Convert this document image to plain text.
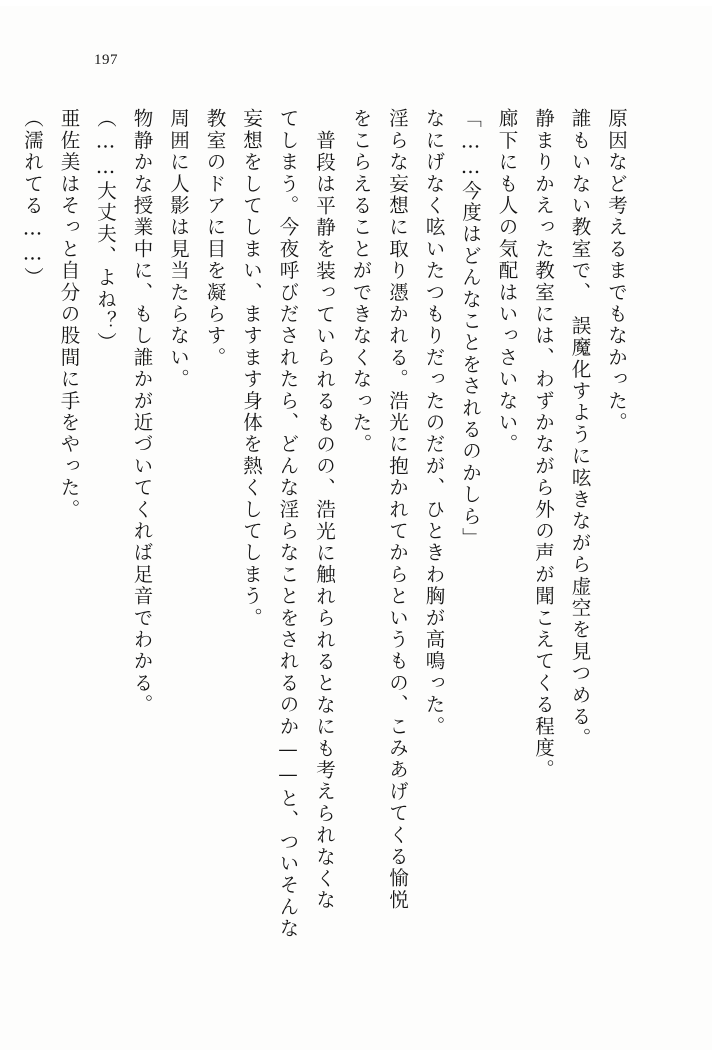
197
（濡れてる……） 亜佐美はそっと自分の股間に手をやった。 （……大丈夫、よね？） 物静かな授業中に、もし誰かが近づいてくれば足音でわかる。 周囲に人影は見当たらない。 教室のドアに目を凝らす。 妄想をしてしまい、ますます身体を熱くしてしまう。 てしまう。今夜呼びだされたら、どんな淫らなことをされるのか——と、ついそんな 普段は平静を装っていられるものの、浩光に触れられるとなにも考えられなくな をこらえることができなくなった。 淫らな妄想に取り憑かれる。浩光に抱かれてからというもの、こみあげてくる愉悦 なにげなく呟いたつもりだったのだが、ひときわ胸が高鳴った。 「……今度はどんなことをされるのかしら」 廊下にも人の気配はいっさいない。 静まりかえった教室には、わずかながら外の声が聞こえてくる程度。 誰もいない教室で、　誤魔化すように呟きながら虚空を見つめる。 原因など考えるまでもなかった。
